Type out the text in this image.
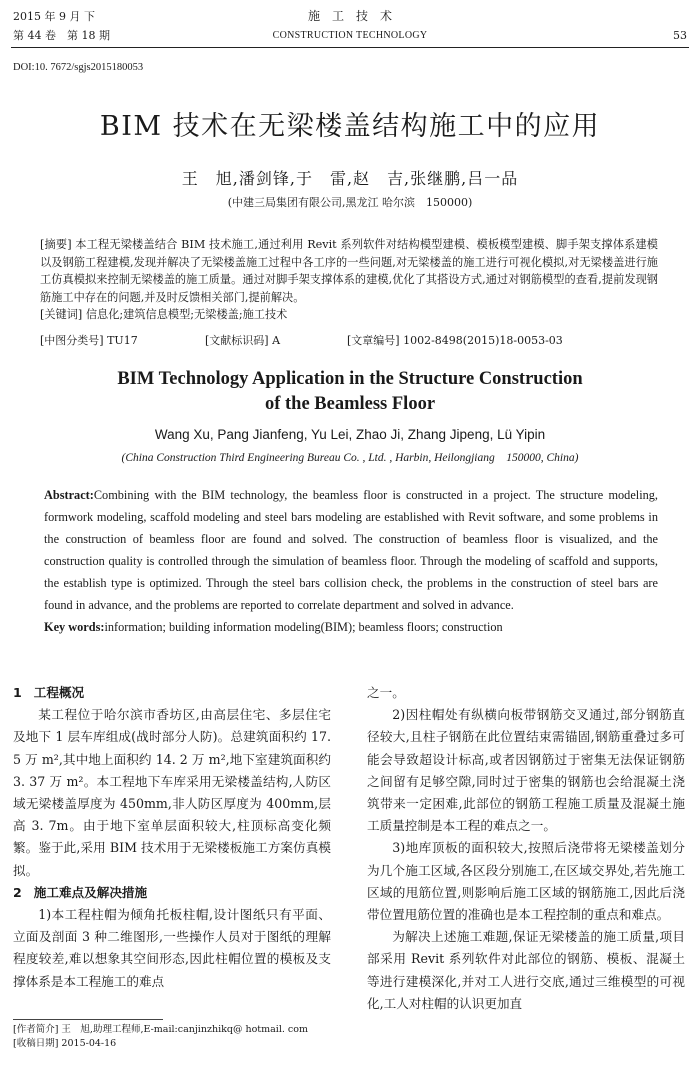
2015 年 9 月 下
第 44 卷　第 18 期
施　工　技　术
CONSTRUCTION TECHNOLOGY	53
DOI:10. 7672/sgjs2015180053
BIM 技术在无梁楼盖结构施工中的应用
王　旭,潘剑锋,于　雷,赵　吉,张继鹏,吕一品
(中建三局集团有限公司,黑龙江 哈尔滨　150000)
[摘要] 本工程无梁楼盖结合 BIM 技术施工,通过利用 Revit 系列软件对结构模型建模、模板模型建模、脚手架支撑体系建模以及钢筋工程建模,发现并解决了无梁楼盖施工过程中各工序的一些问题,对无梁楼盖的施工进行可视化模拟,对无梁楼盖进行施工仿真模拟来控制无梁楼盖的施工质量。通过对脚手架支撑体系的建模,优化了其搭设方式,通过对钢筋模型的查看,提前发现钢筋施工中存在的问题,并及时反馈相关部门,提前解决。
[关键词] 信息化;建筑信息模型;无梁楼盖;施工技术
[中图分类号] TU17	[文献标识码] A	[文章编号] 1002-8498(2015)18-0053-03
BIM Technology Application in the Structure Construction
of the Beamless Floor
Wang Xu, Pang Jianfeng, Yu Lei, Zhao Ji, Zhang Jipeng, Lü Yipin
(China Construction Third Engineering Bureau Co. , Ltd. , Harbin, Heilongjiang　150000, China)
Abstract:Combining with the BIM technology, the beamless floor is constructed in a project. The structure modeling, formwork modeling, scaffold modeling and steel bars modeling are established with Revit software, and some problems in the construction of beamless floor are found and solved. The construction of beamless floor is visualized, and the construction quality is controlled through the simulation of beamless floor. Through the modeling of scaffold and supports, the establish type is optimized. Through the steel bars collision check, the problems in the construction of steel bars are found in advance, and the problems are reported to correlate department and solved in advance.
Key words:information; building information modeling(BIM); beamless floors; construction
1 工程概况

某工程位于哈尔滨市香坊区,由高层住宅、多层住宅及地下 1 层车库组成(战时部分人防)。总建筑面积约 17. 5 万 m²,其中地上面积约 14. 2 万 m²,地下室建筑面积约 3. 37 万 m²。本工程地下车库采用无梁楼盖结构,人防区域无梁楼盖厚度为 450mm,非人防区厚度为 400mm,层高 3. 7m。由于地下室单层面积较大,柱顶标高变化频繁。鉴于此,采用 BIM 技术用于无梁楼板施工方案仿真模拟。

2 施工难点及解决措施

1)本工程柱帽为倾角托板柱帽,设计图纸只有平面、立面及剖面 3 种二维图形,一些操作人员对于图纸的理解程度较差,难以想象其空间形态,因此柱帽位置的模板及支撑体系是本工程施工的难点

之一。

2)因柱帽处有纵横向板带钢筋交叉通过,部分钢筋直径较大,且柱子钢筋在此位置结束需锚固,钢筋重叠过多可能会导致超设计标高,或者因钢筋过于密集无法保证钢筋之间留有足够空隙,同时过于密集的钢筋也会给混凝土浇筑带来一定困难,此部位的钢筋工程施工质量及混凝土施工质量控制是本工程的难点之一。

3)地库顶板的面积较大,按照后浇带将无梁楼盖划分为几个施工区域,各区段分别施工,在区域交界处,若先施工区域的甩筋位置,则影响后施工区域的钢筋施工,因此后浇带位置甩筋位置的准确也是本工程控制的重点和难点。

为解决上述施工难题,保证无梁楼盖的施工质量,项目部采用 Revit 系列软件对此部位的钢筋、模板、混凝土等进行建模深化,并对工人进行交底,通过三维模型的可视化,工人对柱帽的认识更加直

[作者简介] 王　旭,助理工程师,E-mail:canjinzhikq@ hotmail. com
[收稿日期] 2015-04-16
